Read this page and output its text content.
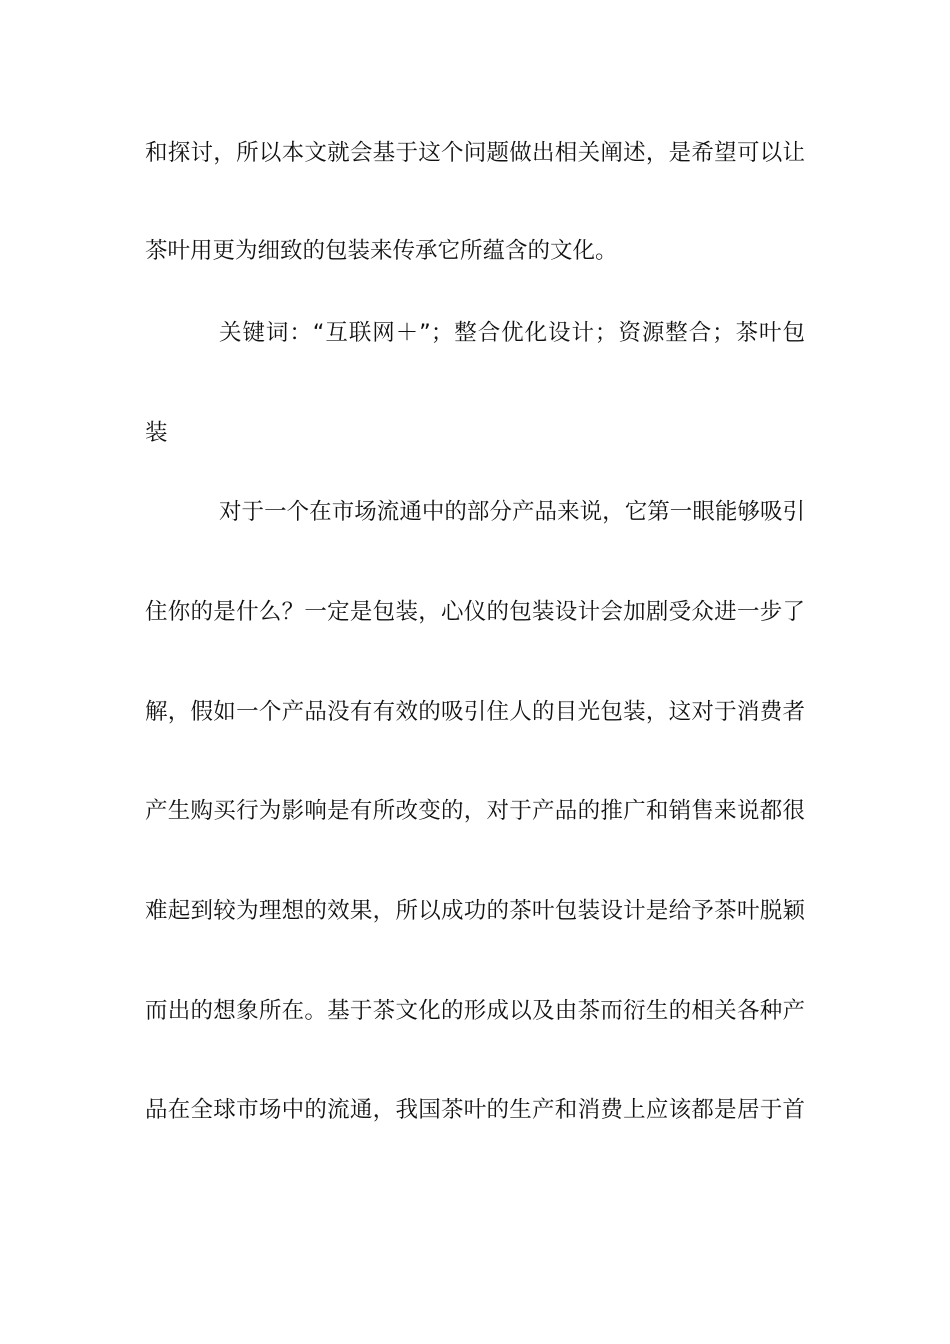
和探讨，所以本文就会基于这个问题做出相关阐述，是希望可以让
茶叶用更为细致的包装来传承它所蕴含的文化。
关键词：“互联网＋”；整合优化设计；资源整合；茶叶包
装
对于一个在市场流通中的部分产品来说，它第一眼能够吸引
住你的是什么？一定是包装，心仪的包装设计会加剧受众进一步了
解，假如一个产品没有有效的吸引住人的目光包装，这对于消费者
产生购买行为影响是有所改变的，对于产品的推广和销售来说都很
难起到较为理想的效果，所以成功的茶叶包装设计是给予茶叶脱颖
而出的想象所在。基于茶文化的形成以及由茶而衍生的相关各种产
品在全球市场中的流通，我国茶叶的生产和消费上应该都是居于首
